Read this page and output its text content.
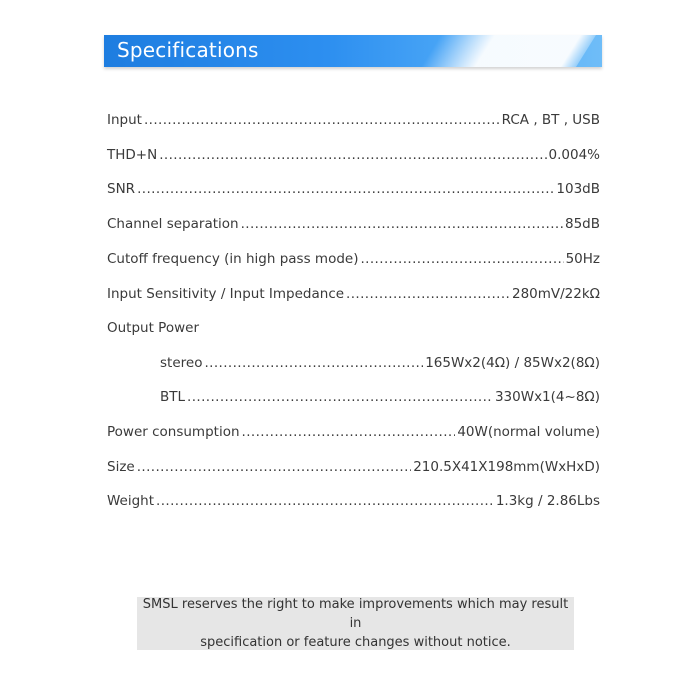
Specifications
Input .....	RCA , BT , USB
THD+N .....	0.004%
SNR .....	103dB
Channel separation .....	85dB
Cutoff frequency (in high pass mode) .....	50Hz
Input Sensitivity / Input Impedance .....	280mV/22kΩ
Output Power
stereo .....	165Wx2(4Ω) / 85Wx2(8Ω)
BTL .....	330Wx1(4~8Ω)
Power consumption .....	40W(normal volume)
Size .....	210.5X41X198mm(WxHxD)
Weight .....	1.3kg / 2.86Lbs
SMSL reserves the right to make improvements which may result in
specification or feature changes without notice.
